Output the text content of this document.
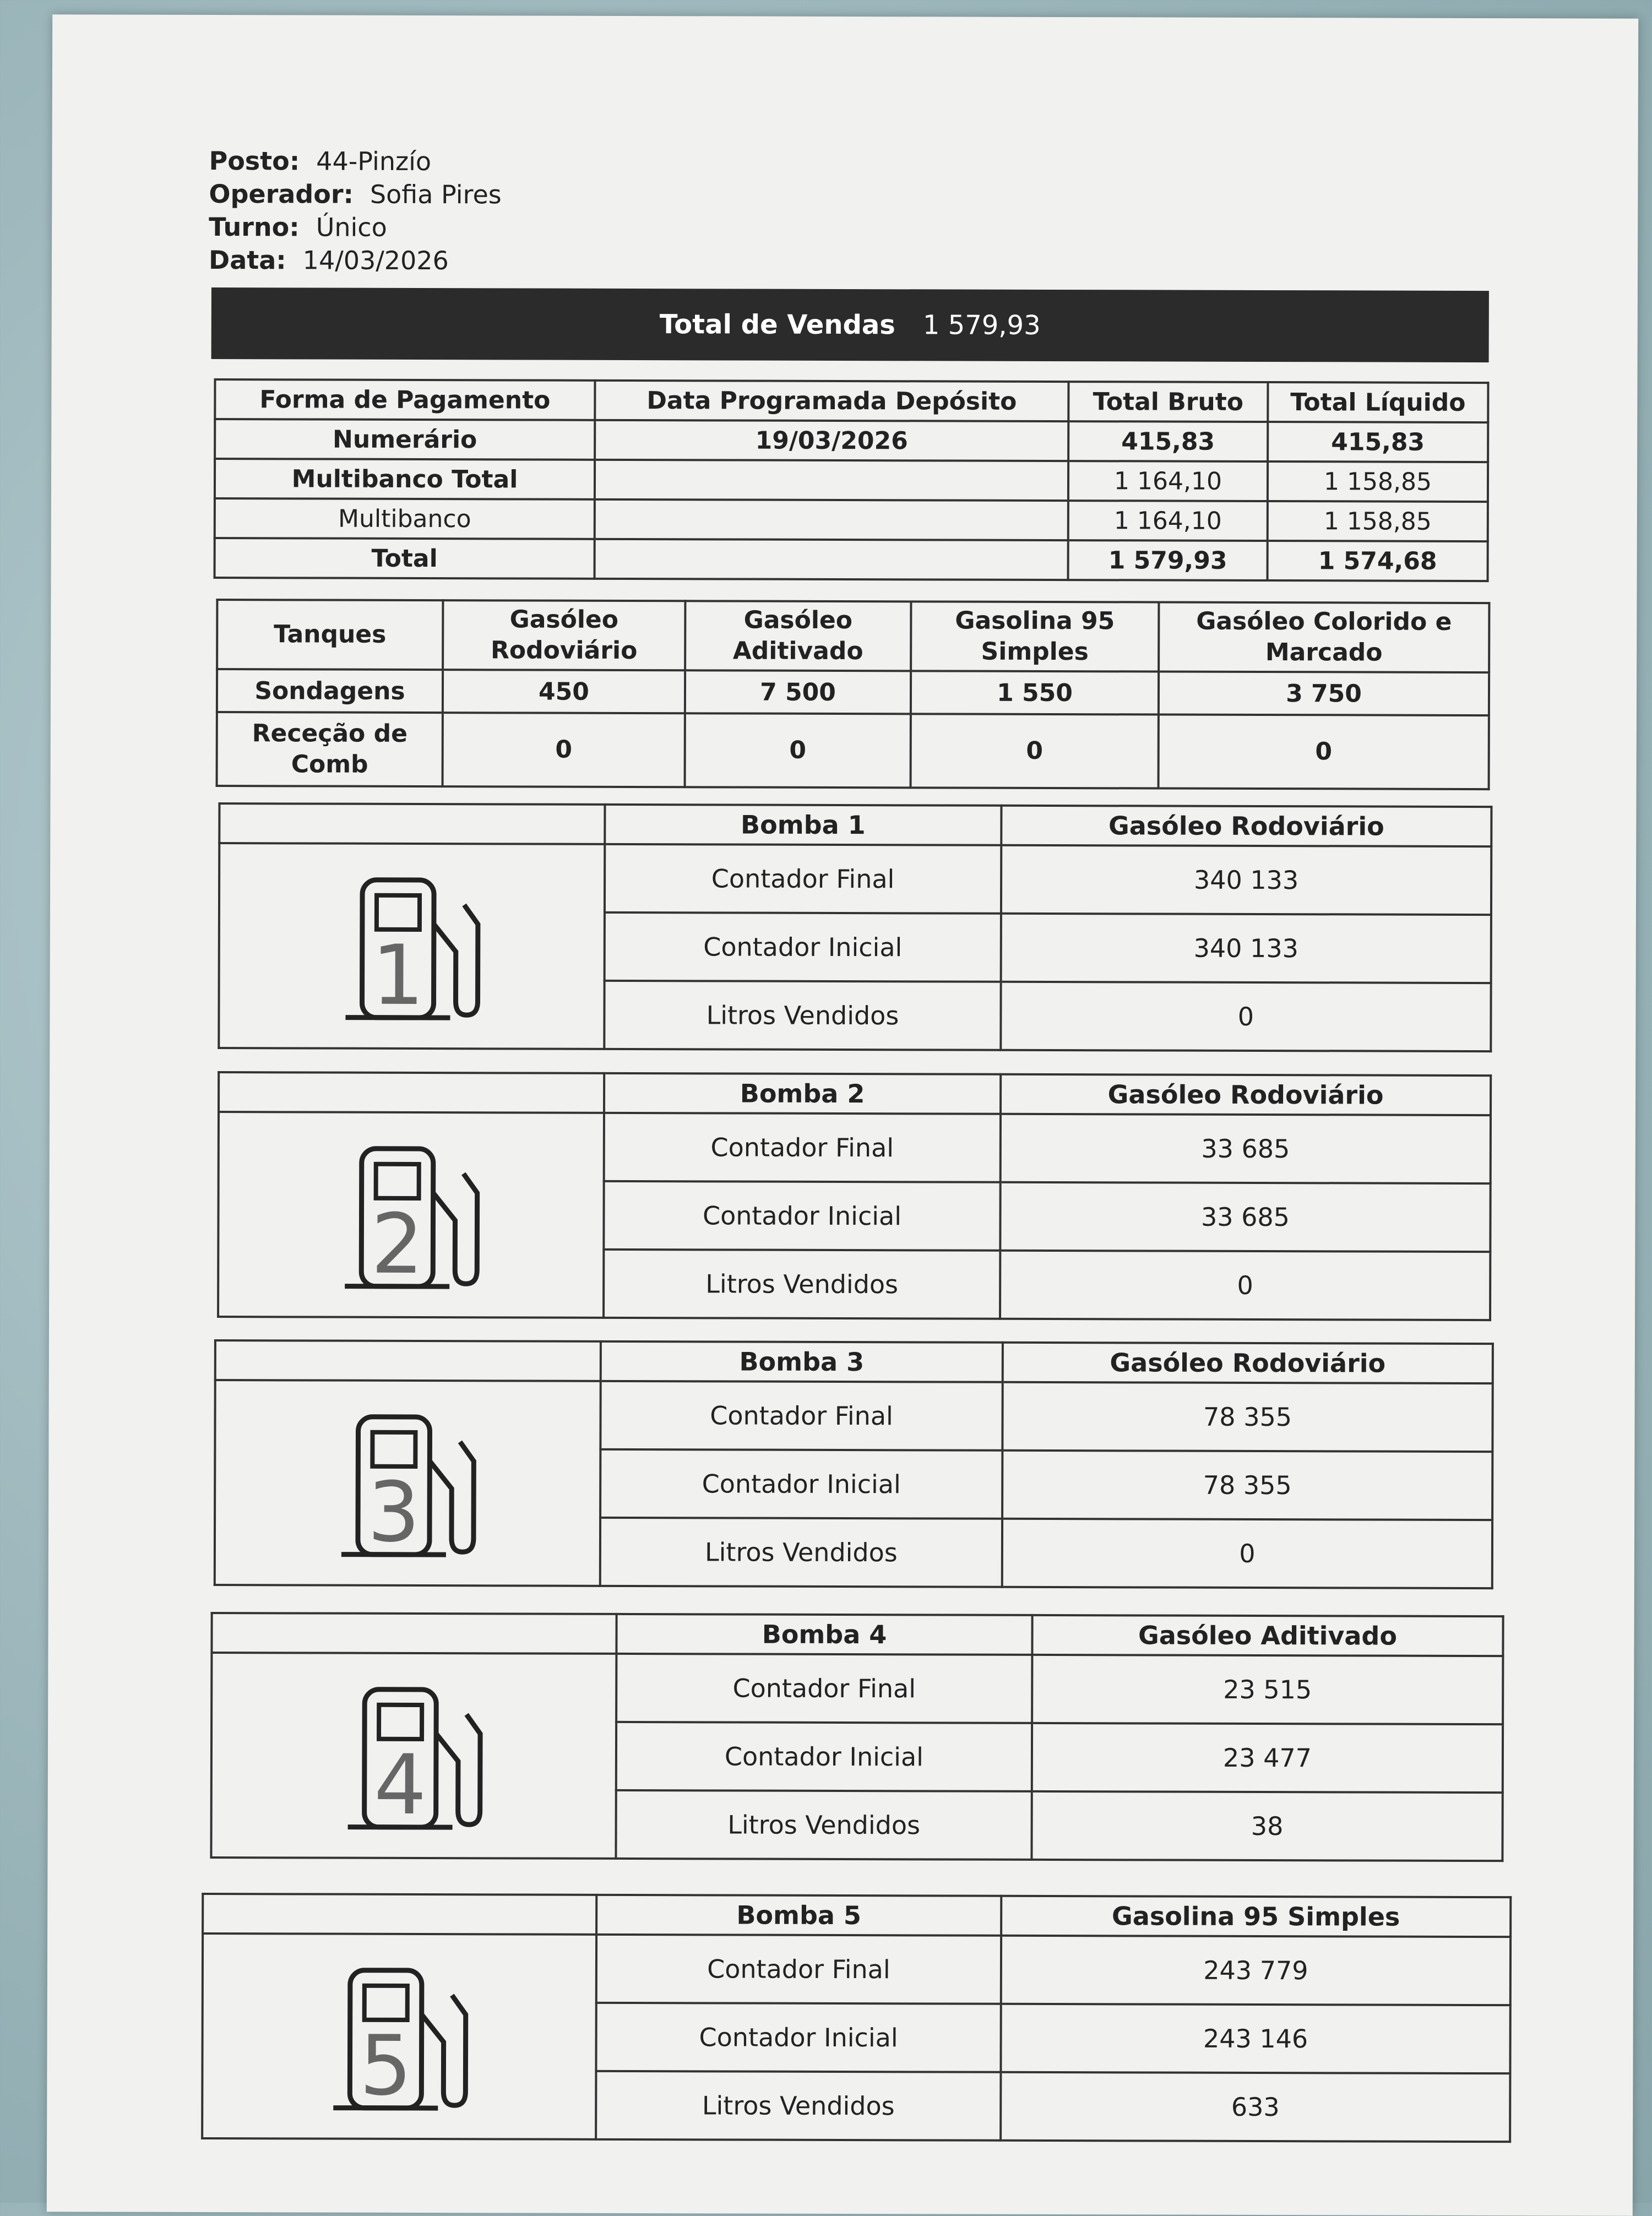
Posto: 44-Pinzío
Operador: Sofia Pires
Turno: Único
Data: 14/03/2026
Total de Vendas 1 579,93
Forma de Pagamento	Data Programada Depósito	Total Bruto	Total Líquido
Numerário	19/03/2026	415,83	415,83
Multibanco Total		1 164,10	1 158,85
Multibanco		1 164,10	1 158,85
Total		1 579,93	1 574,68
Tanques	Gasóleo Rodoviário	Gasóleo Aditivado	Gasolina 95 Simples	Gasóleo Colorido e Marcado
Sondagens	450	7 500	1 550	3 750
Receção de Comb	0	0	0	0
	Bomba 1	Gasóleo Rodoviário

1	Contador Final	340 133
	Contador Inicial	340 133
	Litros Vendidos	0
	Bomba 2	Gasóleo Rodoviário

2	Contador Final	33 685
	Contador Inicial	33 685
	Litros Vendidos	0
	Bomba 3	Gasóleo Rodoviário

3	Contador Final	78 355
	Contador Inicial	78 355
	Litros Vendidos	0
	Bomba 4	Gasóleo Aditivado

4	Contador Final	23 515
	Contador Inicial	23 477
	Litros Vendidos	38
	Bomba 5	Gasolina 95 Simples

5	Contador Final	243 779
	Contador Inicial	243 146
	Litros Vendidos	633
